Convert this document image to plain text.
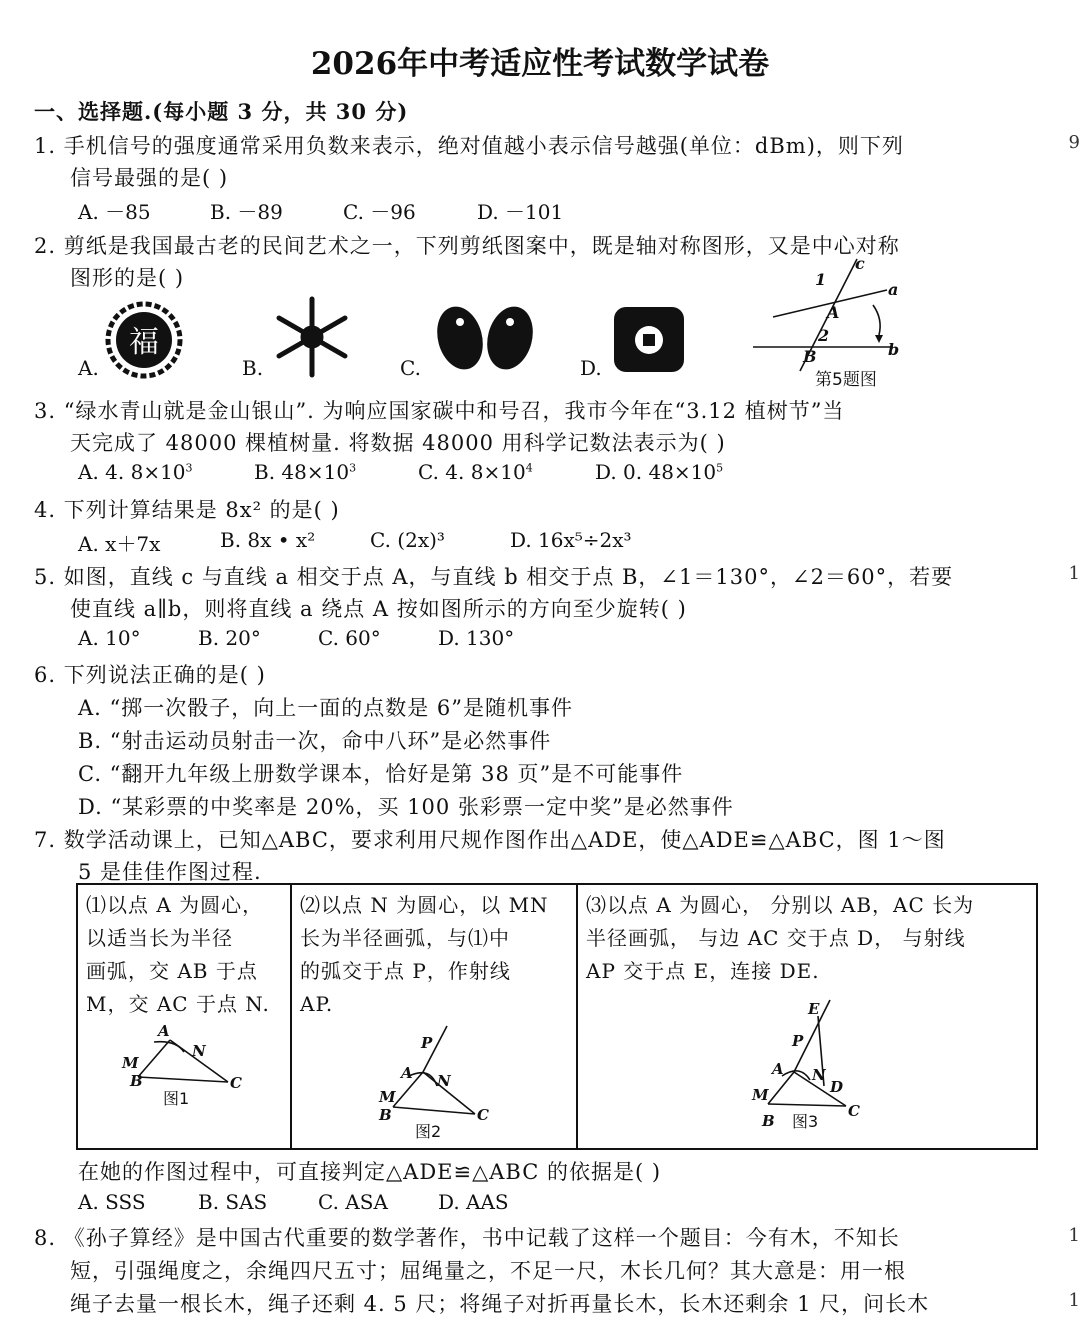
2026年中考适应性考试数学试卷
一、选择题.(每小题 3 分，共 30 分)
1. 手机信号的强度通常采用负数来表示，绝对值越小表示信号越强(单位：dBm)，则下列
信号最强的是( )
A. －85	B. －89	C. －96	D. －101
2. 剪纸是我国最古老的民间艺术之一，下列剪纸图案中，既是轴对称图形，又是中心对称
图形的是( )
福
A.	B.	C.	D.
c
a
b
1
2
A
B
第5题图
3. “绿水青山就是金山银山”. 为响应国家碳中和号召，我市今年在“3.12 植树节”当
天完成了 48000 棵植树量. 将数据 48000 用科学记数法表示为( )
A. 4. $8\times 10^3$	B. $48\times 10^3$	C. 4. $8\times 10^4$	D. 0. $48\times 10^5$
4. 下列计算结果是 8x² 的是( )
A. x＋7x	B. 8x • x²	C. (2x)³	D. 16x⁵÷2x³
5. 如图，直线 c 与直线 a 相交于点 A，与直线 b 相交于点 B，∠1＝130°，∠2＝60°，若要
使直线 a∥b，则将直线 a 绕点 A 按如图所示的方向至少旋转( )
A. 10°	B. 20°	C. 60°	D. 130°
6. 下列说法正确的是( )
A. “掷一次骰子，向上一面的点数是 6”是随机事件
B. “射击运动员射击一次，命中八环”是必然事件
C. “翻开九年级上册数学课本，恰好是第 38 页”是不可能事件
D. “某彩票的中奖率是 20%，买 100 张彩票一定中奖”是必然事件
7. 数学活动课上，已知△ABC，要求利用尺规作图作出△ADE，使△ADE≌△ABC，图 1～图
5 是佳佳作图过程.
⑴以点 A 为圆心，
以适当长为半径
画弧，交 AB 于点
M，交 AC 于点 N.

⑵以点 N 为圆心，以 MN
长为半径画弧，与⑴中
的弧交于点 P，作射线
AP.

⑶以点 A 为圆心， 分别以 AB，AC 长为
半径画弧， 与边 AC 交于点 D， 与射线
AP 交于点 E，连接 DE.
A
N
M
B	C
图1
P
A N
M
B	C
图2
E
P
A N
D
M
B
C
图3
在她的作图过程中，可直接判定△ADE≌△ABC 的依据是( )
A. SSS	B. SAS	C. ASA	D. AAS
8. 《孙子算经》是中国古代重要的数学著作，书中记载了这样一个题目：今有木，不知长
短，引强绳度之，余绳四尺五寸；屈绳量之，不足一尺，木长几何？其大意是：用一根
绳子去量一根长木，绳子还剩 4. 5 尺；将绳子对折再量长木，长木还剩余 1 尺，问长木
9
1
1
1
